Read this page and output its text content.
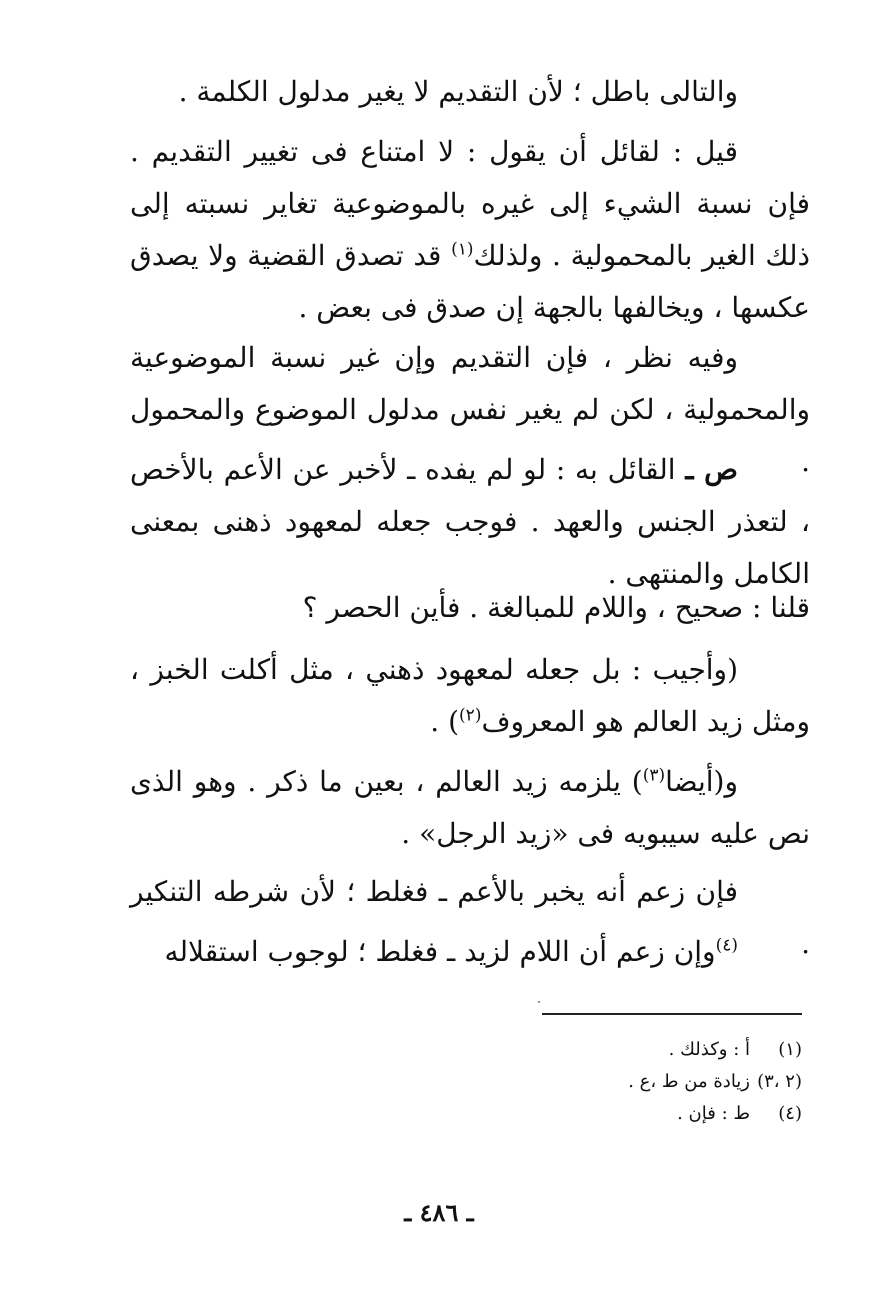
والتالى باطل ؛ لأن التقديم لا يغير مدلول الكلمة .
قيل : لقائل أن يقول : لا امتناع فى تغيير التقديم . فإن نسبة الشيء إلى غيره بالموضوعية تغاير نسبته إلى ذلك الغير بالمحمولية . ولذلك$^{(١)}$ قد تصدق القضية ولا يصدق عكسها ، ويخالفها بالجهة إن صدق فى بعض .
وفيه نظر ، فإن التقديم وإن غير نسبة الموضوعية والمحمولية ، لكن لم يغير نفس مدلول الموضوع والمحمول .
ص ـ القائل به : لو لم يفده ـ لأخبر عن الأعم بالأخص ، لتعذر الجنس والعهد . فوجب جعله لمعهود ذهنى بمعنى الكامل والمنتهى .
قلنا : صحيح ، واللام للمبالغة . فأين الحصر ؟
(وأجيب : بل جعله لمعهود ذهني ، مثل أكلت الخبز ، ومثل زيد العالم هو المعروف$^{(٢)}$) .
و(أيضا$^{(٣)}$) يلزمه زيد العالم ، بعين ما ذكر . وهو الذى نص عليه سيبويه فى «زيد الرجل» .
فإن زعم أنه يخبر بالأعم ـ فغلط ؛ لأن شرطه التنكير .
$^{(٤)}$وإن زعم أن اللام لزيد ـ فغلط ؛ لوجوب استقلاله
(١)
أ : وكذلك .
(٢ ،٣)
زيادة من ط ،ع .
(٤)
ط : فإن .
ـ ٤٨٦ ـ
